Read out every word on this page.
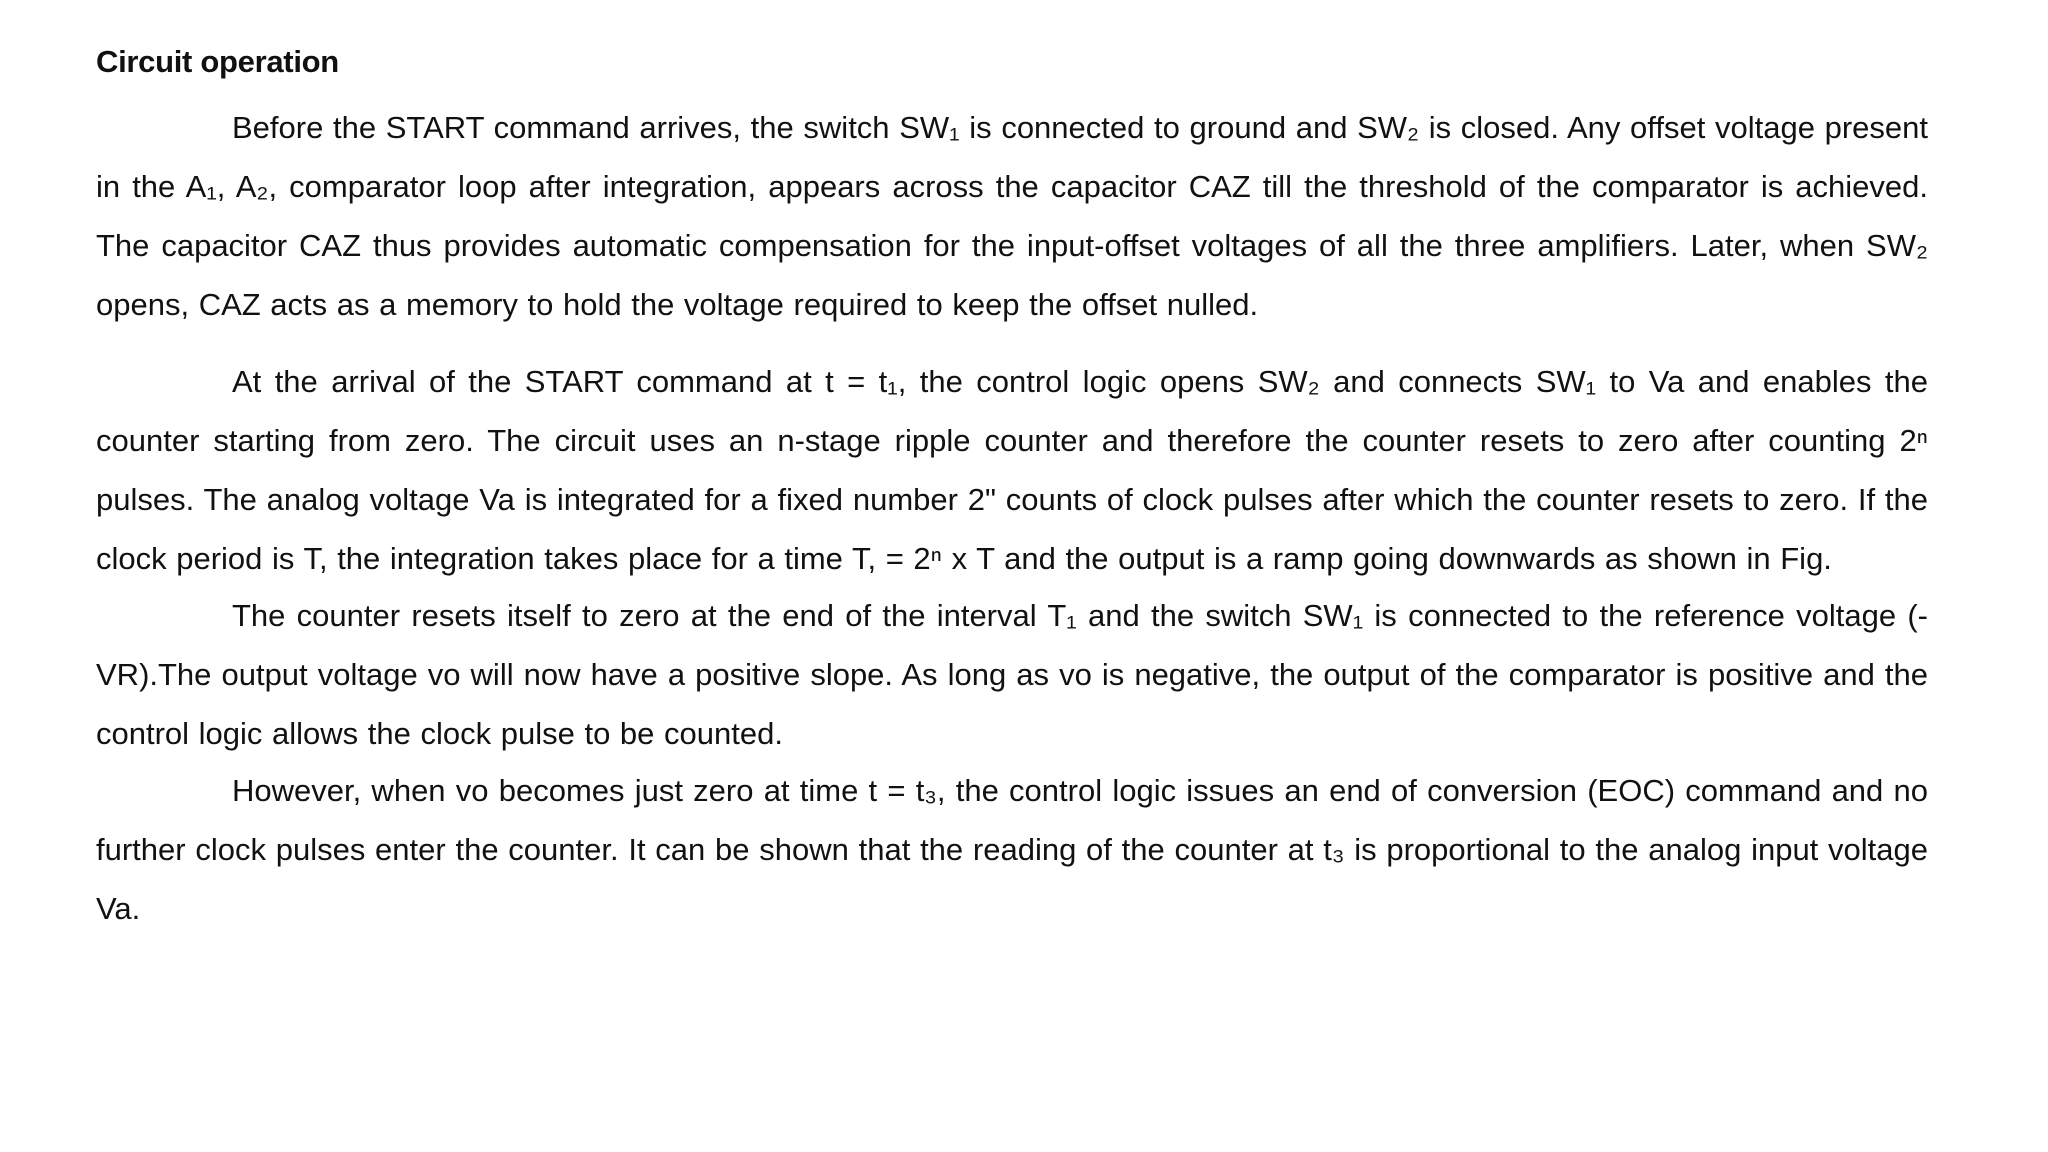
Circuit operation

Before the START command arrives, the switch SW₁ is connected to ground and SW₂ is closed. Any offset voltage present in the A₁, A₂, comparator loop after integration, appears across the capacitor CAZ till the threshold of the comparator is achieved. The capacitor CAZ thus provides automatic compensation for the input-offset voltages of all the three amplifiers. Later, when SW₂ opens, CAZ acts as a memory to hold the voltage required to keep the offset nulled.

At the arrival of the START command at t = t₁, the control logic opens SW₂ and connects SW₁ to Va and enables the counter starting from zero. The circuit uses an n-stage ripple counter and therefore the counter resets to zero after counting 2ⁿ pulses. The analog voltage Va is integrated for a fixed number 2" counts of clock pulses after which the counter resets to zero. If the clock period is T, the integration takes place for a time T, = 2ⁿ x T and the output is a ramp going downwards as shown in Fig.

The counter resets itself to zero at the end of the interval T₁ and the switch SW₁ is connected to the reference voltage (- VR).The output voltage vo will now have a positive slope. As long as vo is negative, the output of the comparator is positive and the control logic allows the clock pulse to be counted.

However, when vo becomes just zero at time t = t₃, the control logic issues an end of conversion (EOC) command and no further clock pulses enter the counter. It can be shown that the reading of the counter at t₃ is proportional to the analog input voltage Va.
